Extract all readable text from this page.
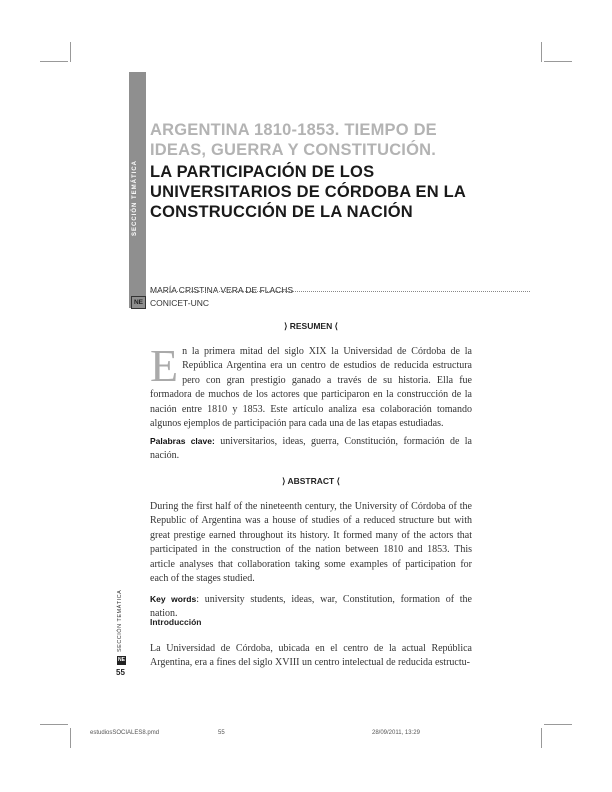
SECCIÓN TEMÁTICA
NE
ARGENTINA 1810-1853. TIEMPO DE
IDEAS, GUERRA Y CONSTITUCIÓN.
LA PARTICIPACIÓN DE LOS
UNIVERSITARIOS DE CÓRDOBA EN LA
CONSTRUCCIÓN DE LA NACIÓN
MARÍA CRISTINA VERA DE FLACHS
CONICET-UNC
⟩ RESUMEN ⟨
En la primera mitad del siglo XIX la Universidad de Córdoba de la República Argentina era un centro de estudios de reducida estructura pero con gran prestigio ganado a través de su historia. Ella fue formadora de muchos de los actores que participaron en la construcción de la nación entre 1810 y 1853. Este artículo analiza esa colaboración tomando algunos ejemplos de participación para cada una de las etapas estudiadas.
Palabras clave: universitarios, ideas, guerra, Constitución, formación de la nación.
⟩ ABSTRACT ⟨
During the first half of the nineteenth century, the University of Córdoba of the Republic of Argentina was a house of studies of a reduced structure but with great prestige earned throughout its history. It formed many of the actors that participated in the construction of the nation between 1810 and 1853. This article analyses that collaboration taking some examples of participation for each of the stages studied.
Key words: university students, ideas, war, Constitution, formation of the nation.
Introducción
La Universidad de Córdoba, ubicada en el centro de la actual República Argentina, era a fines del siglo XVIII un centro intelectual de reducida estructu-
SECCIÓN TEMÁTICA
NE
55
estudiosSOCIALES8.pmd	55	28/09/2011, 13:29
